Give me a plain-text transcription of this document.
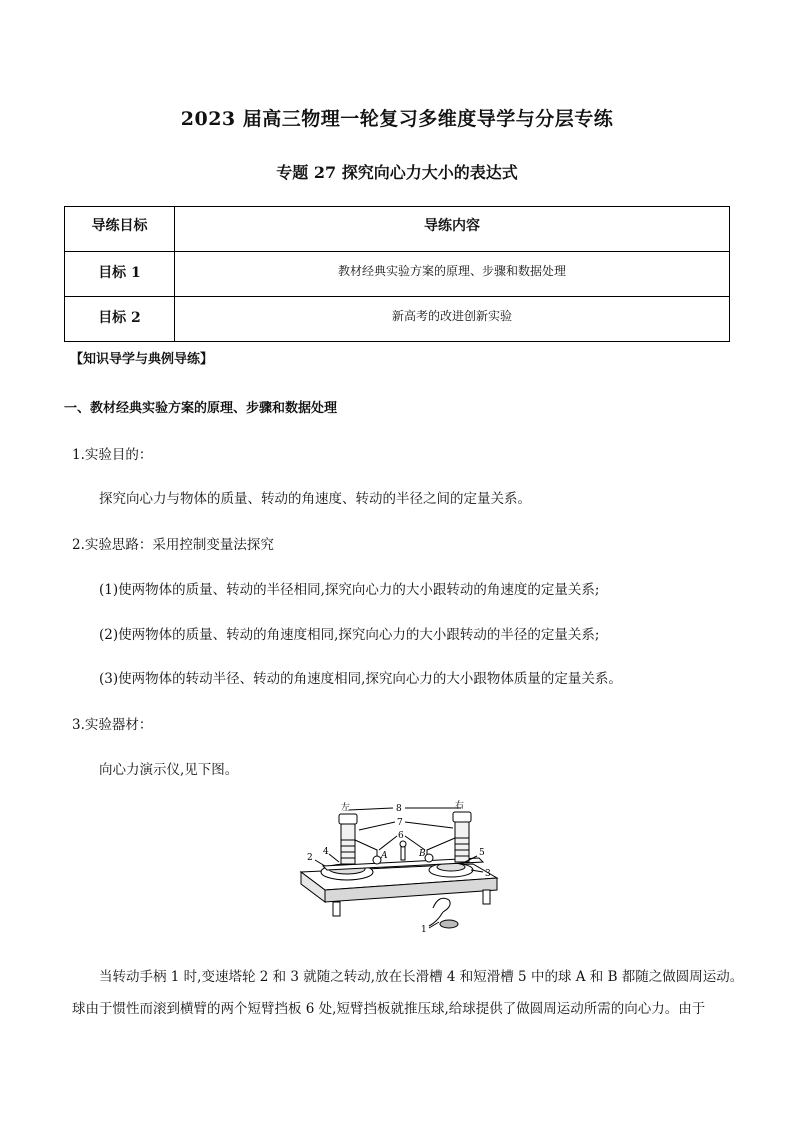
2023 届高三物理一轮复习多维度导学与分层专练
专题 27 探究向心力大小的表达式
导练目标	导练内容
目标 1	教材经典实验方案的原理、步骤和数据处理
目标 2	新高考的改进创新实验
【知识导学与典例导练】
一、教材经典实验方案的原理、步骤和数据处理
1.实验目的：
探究向心力与物体的质量、转动的角速度、转动的半径之间的定量关系。
2.实验思路：采用控制变量法探究
(1)使两物体的质量、转动的半径相同,探究向心力的大小跟转动的角速度的定量关系;
(2)使两物体的质量、转动的角速度相同,探究向心力的大小跟转动的半径的定量关系;
(3)使两物体的转动半径、转动的角速度相同,探究向心力的大小跟物体质量的定量关系。
3.实验器材：
向心力演示仪,见下图。
左	右
8
7
6
5
4
3
2
1
A	B
当转动手柄 1 时,变速塔轮 2 和 3 就随之转动,放在长滑槽 4 和短滑槽 5 中的球 A 和 B 都随之做圆周运动。
球由于惯性而滚到横臂的两个短臂挡板 6 处,短臂挡板就推压球,给球提供了做圆周运动所需的向心力。由于
